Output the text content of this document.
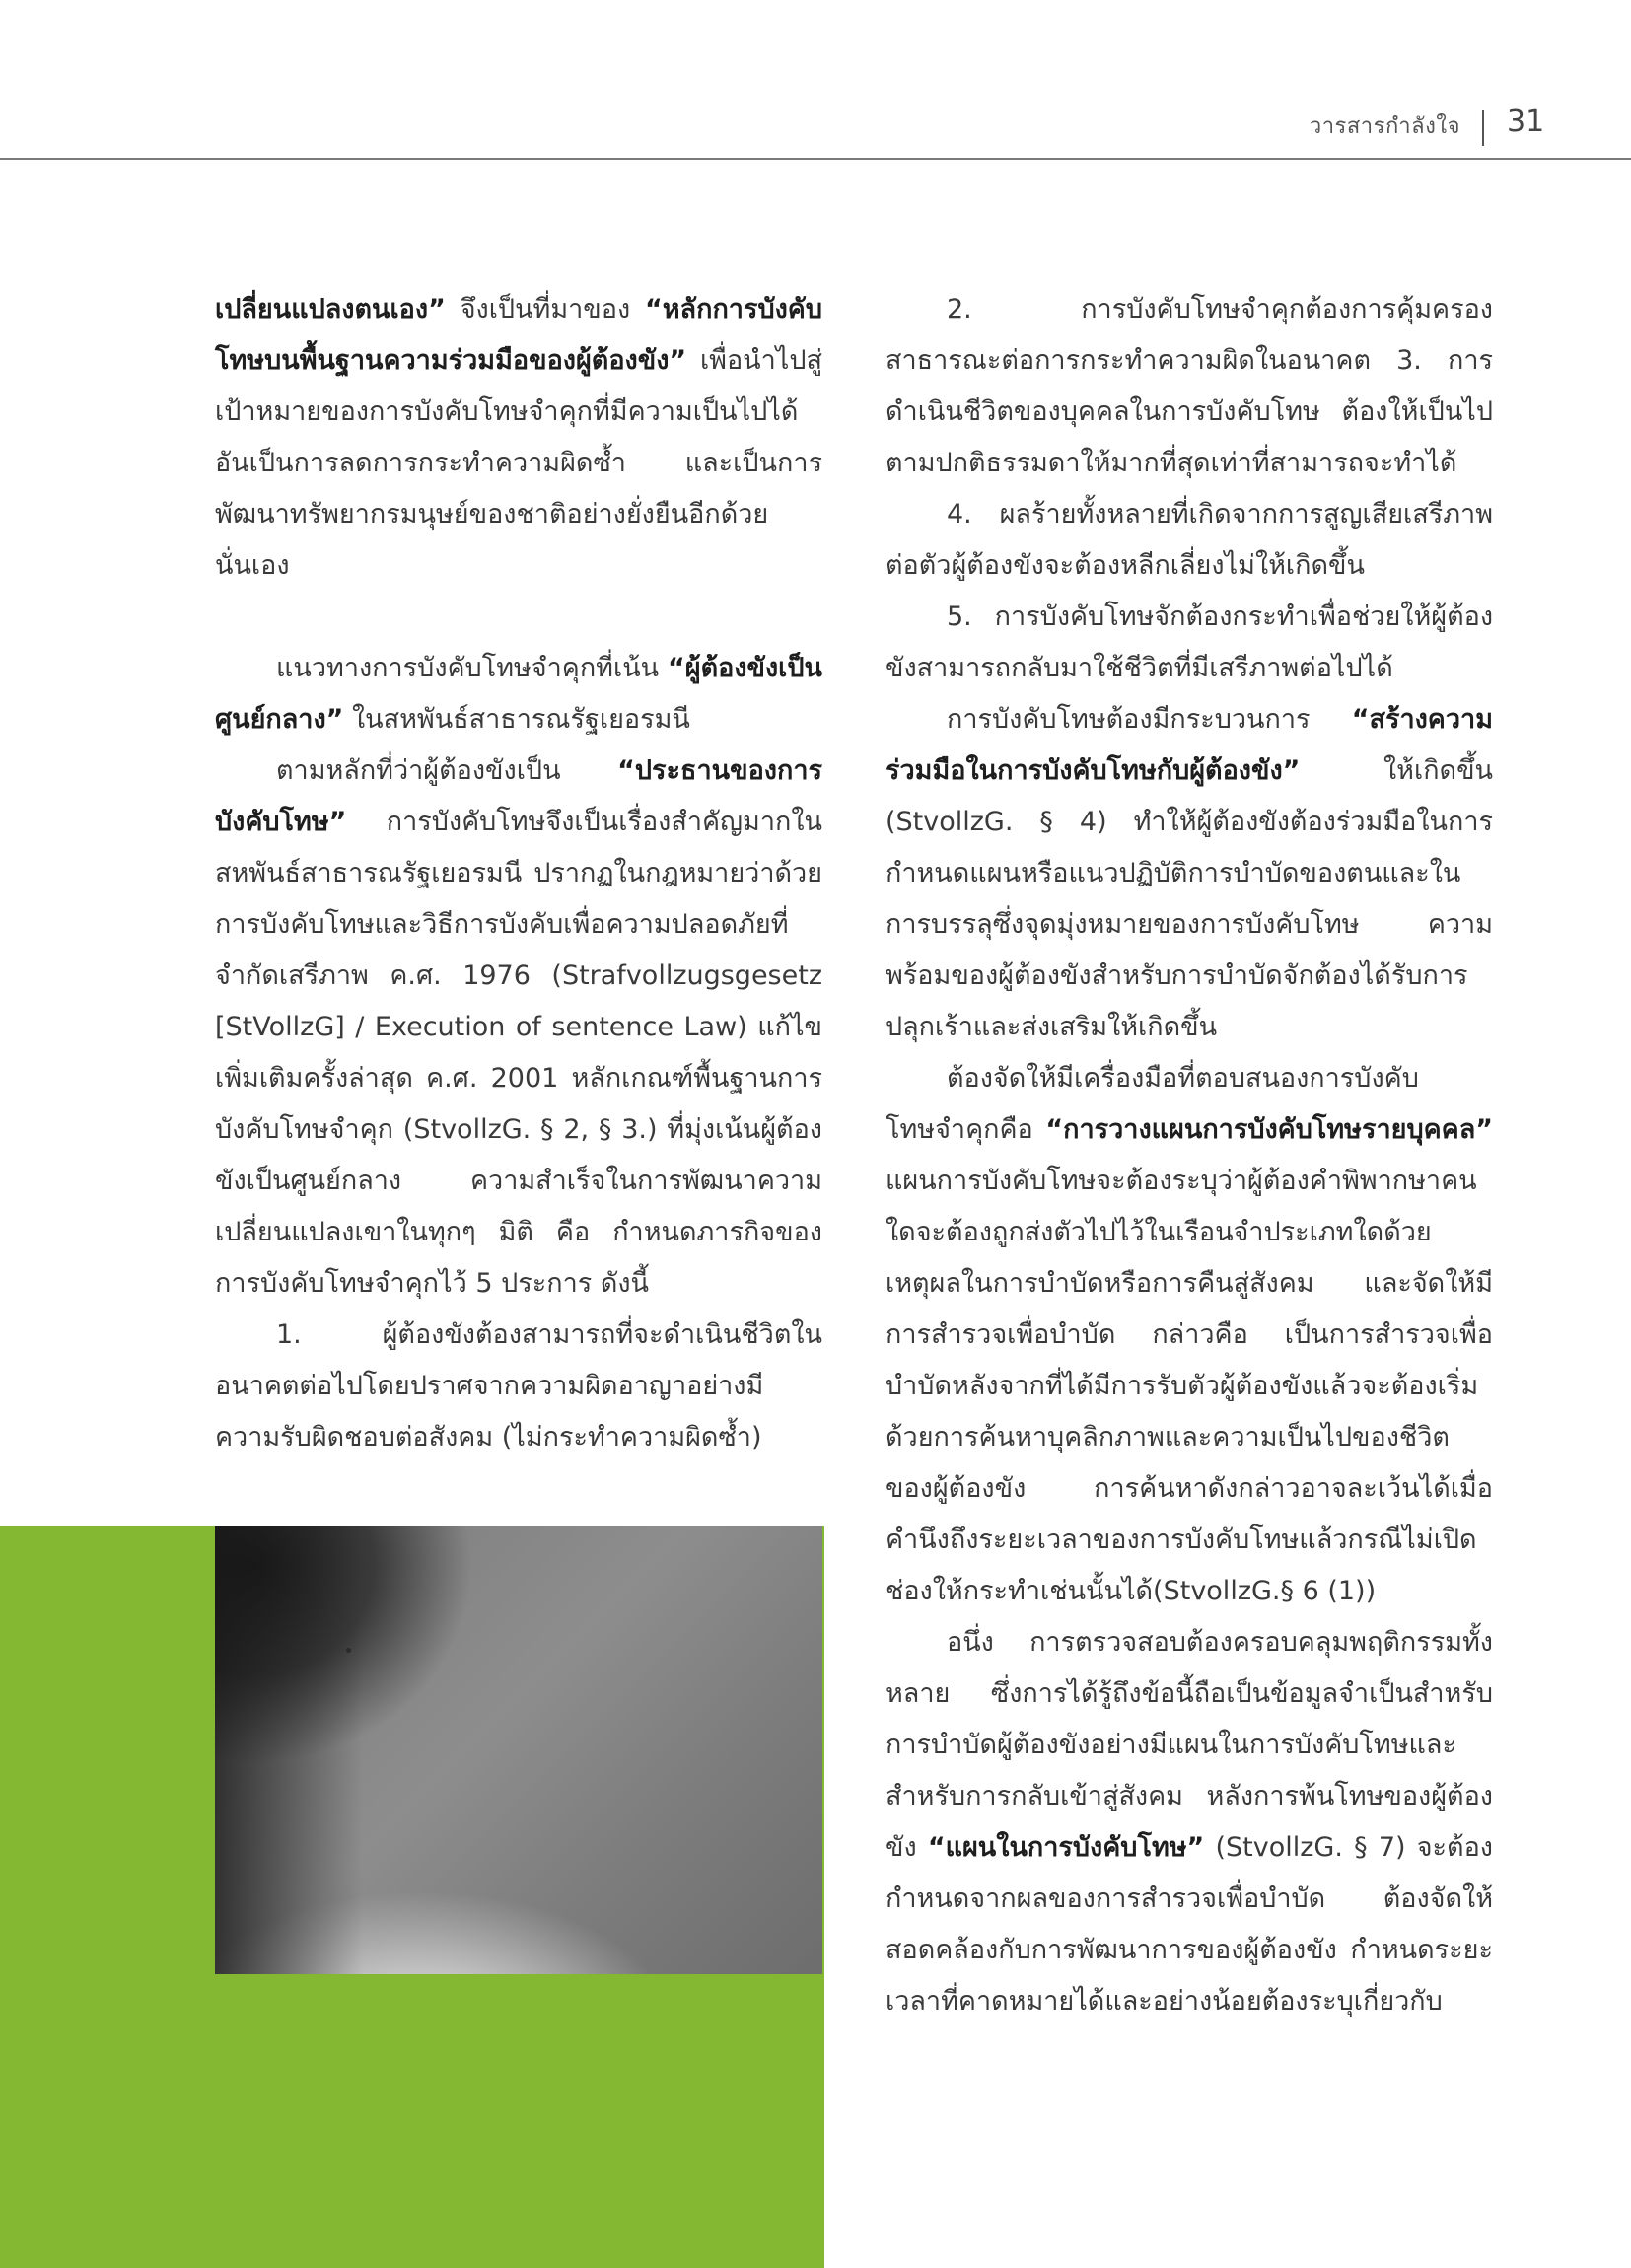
วารสารกำลังใจ 31

เปลี่ยนแปลงตนเอง” จึงเป็นที่มาของ “หลักการบังคับโทษบนพื้นฐานความร่วมมือของผู้ต้องขัง” เพื่อนำไปสู่เป้าหมายของการบังคับโทษจำคุกที่มีความเป็นไปได้ อันเป็นการลดการกระทำความผิดซ้ำ และเป็นการพัฒนาทรัพยากรมนุษย์ของชาติอย่างยั่งยืนอีกด้วยนั่นเอง

แนวทางการบังคับโทษจำคุกที่เน้น “ผู้ต้องขังเป็นศูนย์กลาง” ในสหพันธ์สาธารณรัฐเยอรมนี

ตามหลักที่ว่าผู้ต้องขังเป็น “ประธานของการบังคับโทษ” การบังคับโทษจึงเป็นเรื่องสำคัญมากในสหพันธ์สาธารณรัฐเยอรมนี ปรากฏในกฎหมายว่าด้วยการบังคับโทษและวิธีการบังคับเพื่อความปลอดภัยที่จำกัดเสรีภาพ ค.ศ. 1976 (Strafvollzugsgesetz [StVollzG] / Execution of sentence Law) แก้ไขเพิ่มเติมครั้งล่าสุด ค.ศ. 2001 หลักเกณฑ์พื้นฐานการบังคับโทษจำคุก (StvollzG. § 2, § 3.) ที่มุ่งเน้นผู้ต้องขังเป็นศูนย์กลาง ความสำเร็จในการพัฒนาความเปลี่ยนแปลงเขาในทุกๆ มิติ คือ กำหนดภารกิจของการบังคับโทษจำคุกไว้ 5 ประการ ดังนี้

1. ผู้ต้องขังต้องสามารถที่จะดำเนินชีวิตในอนาคตต่อไปโดยปราศจากความผิดอาญาอย่างมีความรับผิดชอบต่อสังคม (ไม่กระทำความผิดซ้ำ)

2. การบังคับโทษจำคุกต้องการคุ้มครองสาธารณะต่อการกระทำความผิดในอนาคต 3. การดำเนินชีวิตของบุคคลในการบังคับโทษ ต้องให้เป็นไปตามปกติธรรมดาให้มากที่สุดเท่าที่สามารถจะทำได้

4. ผลร้ายทั้งหลายที่เกิดจากการสูญเสียเสรีภาพต่อตัวผู้ต้องขังจะต้องหลีกเลี่ยงไม่ให้เกิดขึ้น

5. การบังคับโทษจักต้องกระทำเพื่อช่วยให้ผู้ต้องขังสามารถกลับมาใช้ชีวิตที่มีเสรีภาพต่อไปได้

การบังคับโทษต้องมีกระบวนการ “สร้างความร่วมมือในการบังคับโทษกับผู้ต้องขัง” ให้เกิดขึ้น (StvollzG. § 4) ทำให้ผู้ต้องขังต้องร่วมมือในการกำหนดแผนหรือแนวปฏิบัติการบำบัดของตนและในการบรรลุซึ่งจุดมุ่งหมายของการบังคับโทษ ความพร้อมของผู้ต้องขังสำหรับการบำบัดจักต้องได้รับการปลุกเร้าและส่งเสริมให้เกิดขึ้น

ต้องจัดให้มีเครื่องมือที่ตอบสนองการบังคับโทษจำคุกคือ “การวางแผนการบังคับโทษรายบุคคล” แผนการบังคับโทษจะต้องระบุว่าผู้ต้องคำพิพากษาคนใดจะต้องถูกส่งตัวไปไว้ในเรือนจำประเภทใดด้วยเหตุผลในการบำบัดหรือการคืนสู่สังคม และจัดให้มีการสำรวจเพื่อบำบัด กล่าวคือ เป็นการสำรวจเพื่อบำบัดหลังจากที่ได้มีการรับตัวผู้ต้องขังแล้วจะต้องเริ่มด้วยการค้นหาบุคลิกภาพและความเป็นไปของชีวิตของผู้ต้องขัง การค้นหาดังกล่าวอาจละเว้นได้เมื่อคำนึงถึงระยะเวลาของการบังคับโทษแล้วกรณีไม่เปิดช่องให้กระทำเช่นนั้นได้(StvollzG.§ 6 (1))

อนึ่ง การตรวจสอบต้องครอบคลุมพฤติกรรมทั้งหลาย ซึ่งการได้รู้ถึงข้อนี้ถือเป็นข้อมูลจำเป็นสำหรับการบำบัดผู้ต้องขังอย่างมีแผนในการบังคับโทษและสำหรับการกลับเข้าสู่สังคม หลังการพ้นโทษของผู้ต้องขัง “แผนในการบังคับโทษ” (StvollzG. § 7) จะต้องกำหนดจากผลของการสำรวจเพื่อบำบัด ต้องจัดให้สอดคล้องกับการพัฒนาการของผู้ต้องขัง กำหนดระยะเวลาที่คาดหมายได้และอย่างน้อยต้องระบุเกี่ยวกับ
